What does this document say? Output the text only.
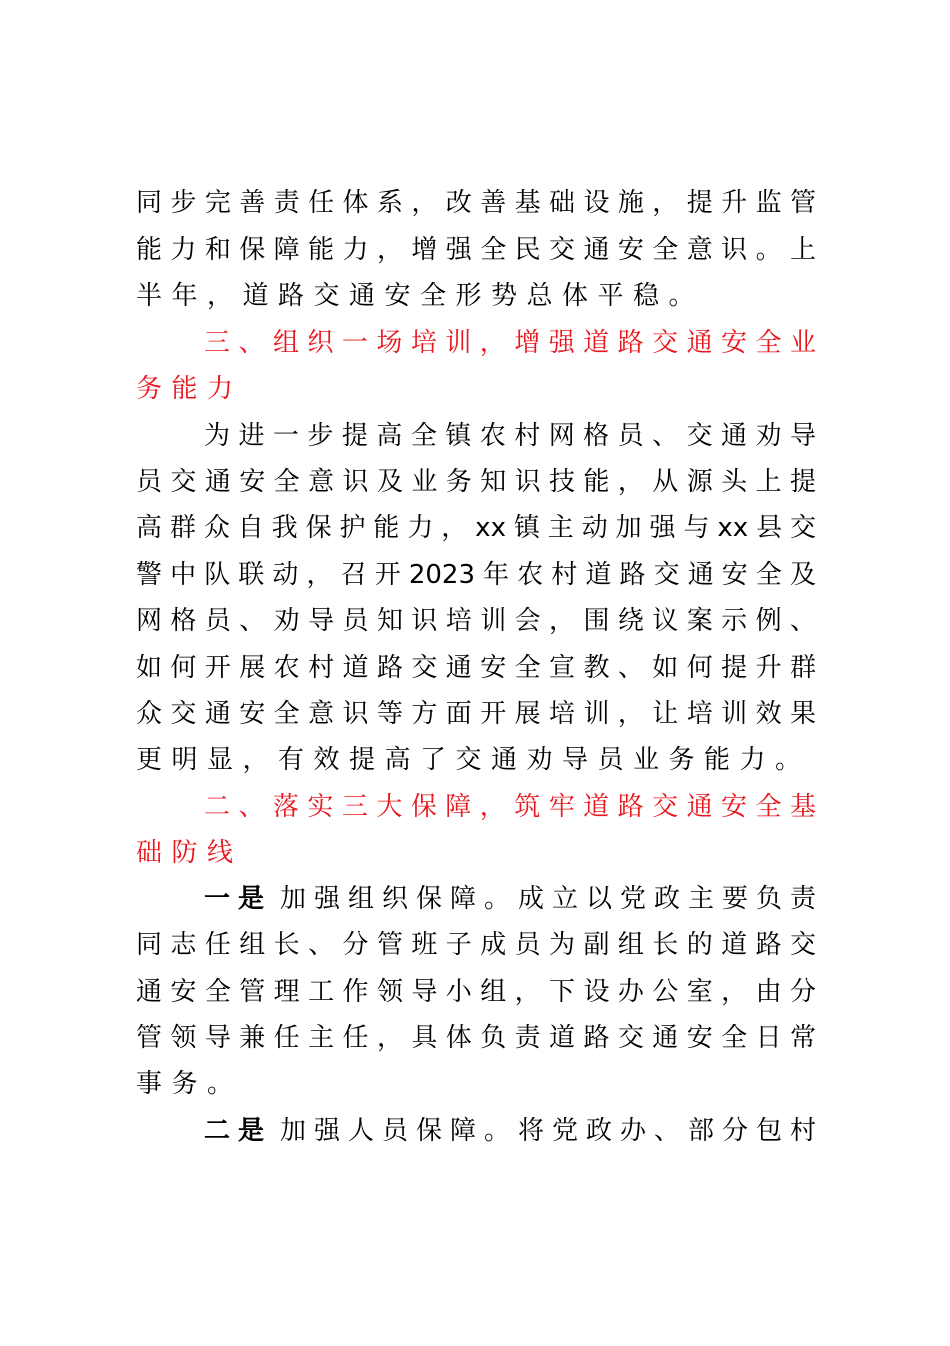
同步完善责任体系，改善基础设施，提升监管

能力和保障能力，增强全民交通安全意识。上

半年，道路交通安全形势总体平稳。

三、组织一场培训，增强道路交通安全业

务能力

为进一步提高全镇农村网格员、交通劝导

员交通安全意识及业务知识技能，从源头上提

高群众自我保护能力，xx镇主动加强与xx县交

警中队联动，召开2023年农村道路交通安全及

网格员、劝导员知识培训会，围绕议案示例、

如何开展农村道路交通安全宣教、如何提升群

众交通安全意识等方面开展培训，让培训效果

更明显，有效提高了交通劝导员业务能力。

二、落实三大保障，筑牢道路交通安全基

础防线

一是 加强组织保障。成立以党政主要负责

同志任组长、分管班子成员为副组长的道路交

通安全管理工作领导小组，下设办公室，由分

管领导兼任主任，具体负责道路交通安全日常

事务。

二是 加强人员保障。将党政办、部分包村
